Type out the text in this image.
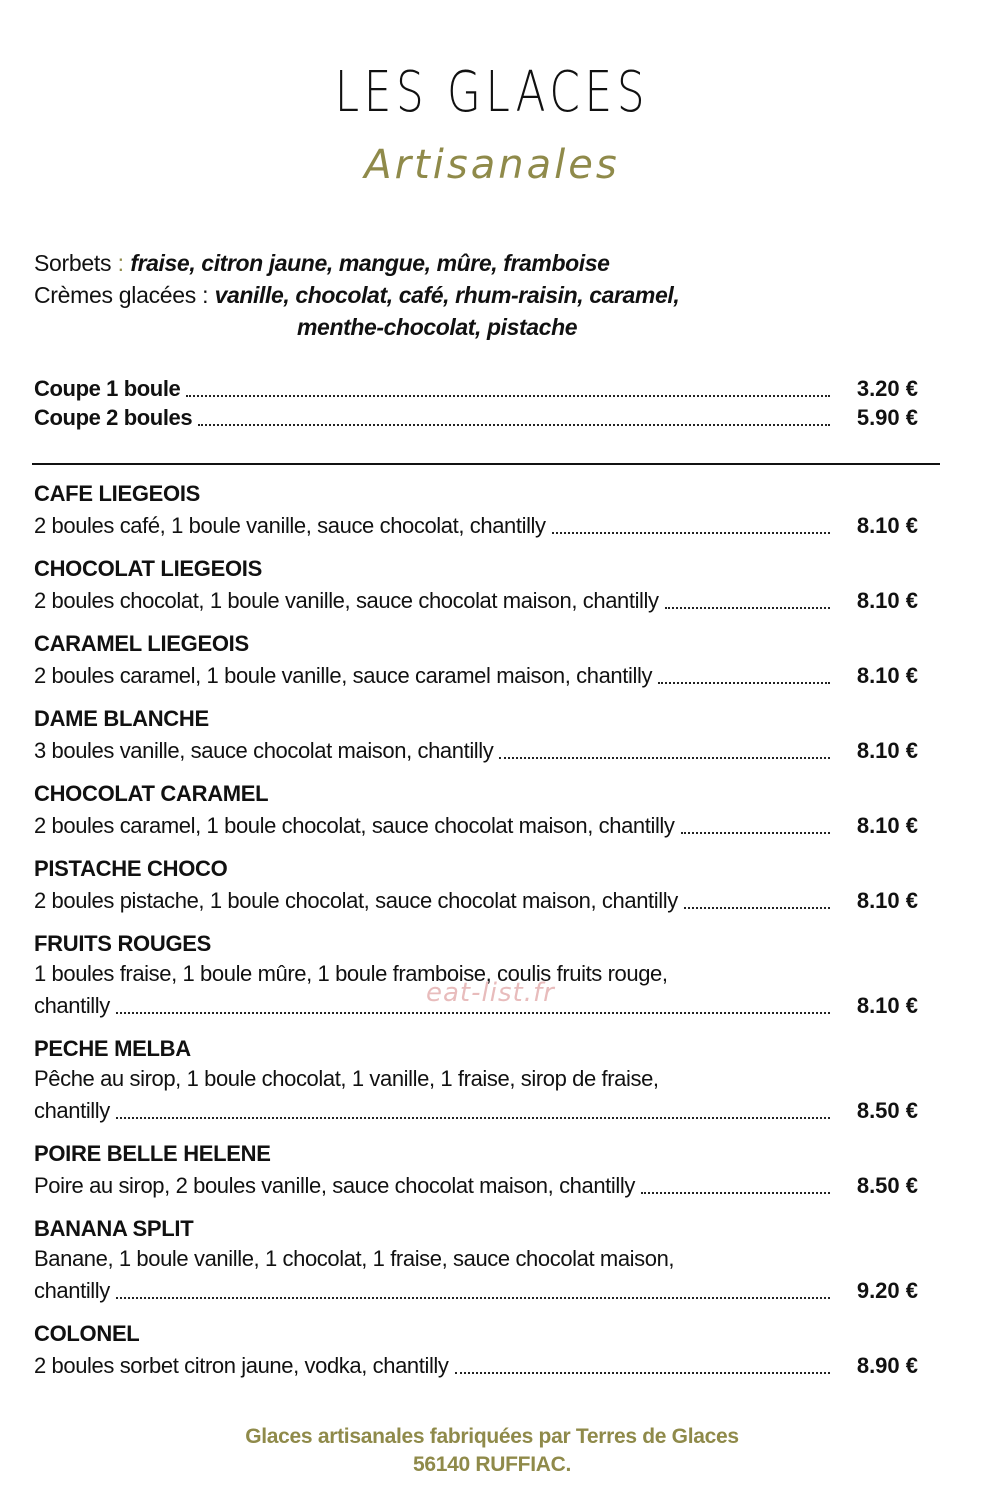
LES GLACES
Artisanales
Sorbets : fraise, citron jaune, mangue, mûre, framboise
Crèmes glacées : vanille, chocolat, café, rhum-raisin, caramel,
menthe-chocolat, pistache
Coupe 1 boule	3.20 €
Coupe 2 boules	5.90 €
CAFE LIEGEOIS
2 boules café, 1 boule vanille, sauce chocolat, chantilly	8.10 €
CHOCOLAT LIEGEOIS
2 boules chocolat, 1 boule vanille, sauce chocolat maison, chantilly	8.10 €
CARAMEL LIEGEOIS
2 boules caramel, 1 boule vanille, sauce caramel maison, chantilly	8.10 €
DAME BLANCHE
3 boules vanille, sauce chocolat maison, chantilly	8.10 €
CHOCOLAT CARAMEL
2 boules caramel, 1 boule chocolat, sauce chocolat maison, chantilly	8.10 €
PISTACHE CHOCO
2 boules pistache, 1 boule chocolat, sauce chocolat maison, chantilly	8.10 €
FRUITS ROUGES
1 boules fraise, 1 boule mûre, 1 boule framboise, coulis fruits rouge,
chantilly	8.10 €
PECHE MELBA
Pêche au sirop, 1 boule chocolat, 1 vanille, 1 fraise, sirop de fraise,
chantilly	8.50 €
POIRE BELLE HELENE
Poire au sirop, 2 boules vanille, sauce chocolat maison, chantilly	8.50 €
BANANA SPLIT
Banane, 1 boule vanille, 1 chocolat, 1 fraise, sauce chocolat maison,
chantilly	9.20 €
COLONEL
2 boules sorbet citron jaune, vodka, chantilly	8.90 €
eat-list.fr
Glaces artisanales fabriquées par Terres de Glaces
56140 RUFFIAC.
